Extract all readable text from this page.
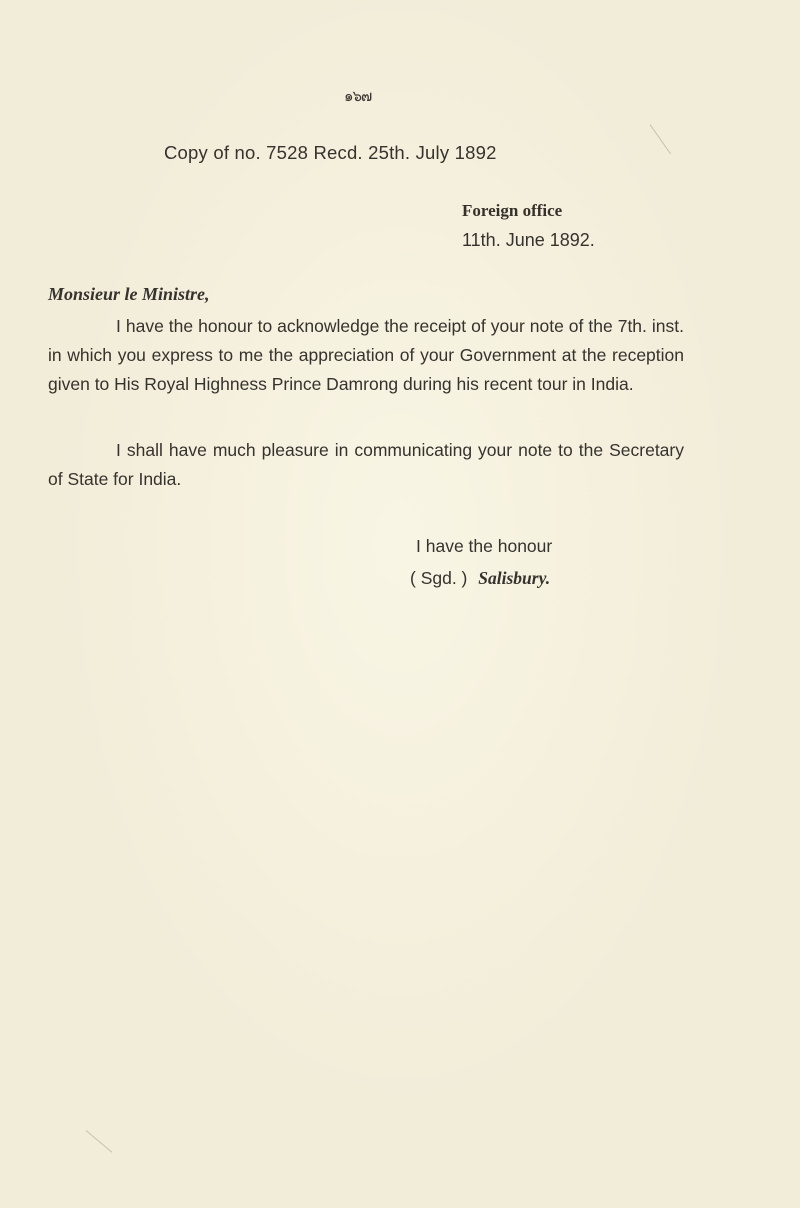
๑๖๗
Copy of no. 7528 Recd. 25th. July 1892
Foreign office
11th. June 1892.
Monsieur le Ministre,
I have the honour to acknowledge the receipt of your note of the 7th. inst. in which you express to me the appreciation of your Government at the reception given to His Royal Highness Prince Damrong during his recent tour in India.
I shall have much pleasure in communicating your note to the Secretary of State for India.
I have the honour
( Sgd. ) Salisbury.
